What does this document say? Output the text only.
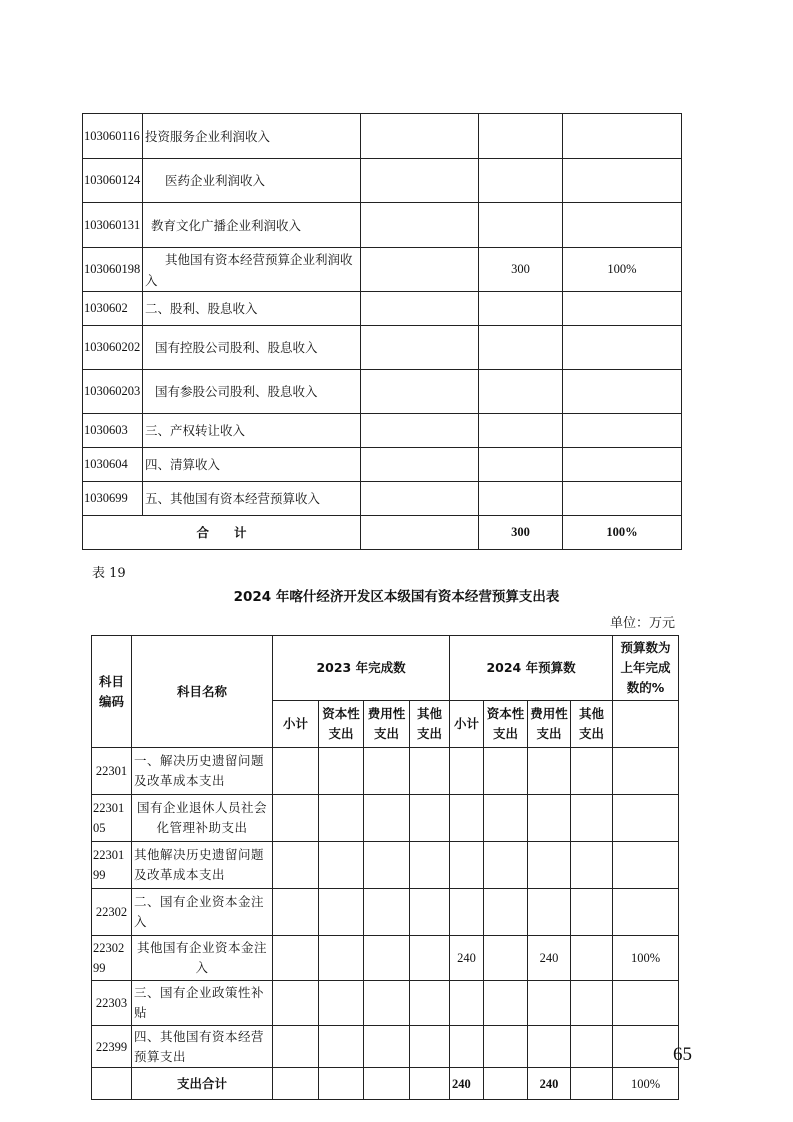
103060116	投资服务企业利润收入			
103060124	医药企业利润收入			
103060131	教育文化广播企业利润收入			
103060198	其他国有资本经营预算企业利润收入		300	100%
1030602	二、股利、股息收入			
103060202	国有控股公司股利、股息收入			
103060203	国有参股公司股利、股息收入			
1030603	三、产权转让收入			
1030604	四、清算收入			
1030699	五、其他国有资本经营预算收入			
合　　计			300	100%
表 19
2024 年喀什经济开发区本级国有资本经营预算支出表
单位：万元
科目编码	科目名称	2023 年完成数				2024 年预算数				预算数为上年完成数的%
		小计	资本性支出	费用性支出	其他支出	小计	资本性支出	费用性支出	其他支出	
22301	一、解决历史遗留问题及改革成本支出									
2230105	国有企业退休人员社会化管理补助支出									
2230199	其他解决历史遗留问题及改革成本支出									
22302	二、国有企业资本金注入									
2230299	其他国有企业资本金注入					240		240		100%
22303	三、国有企业政策性补贴									
22399	四、其他国有资本经营预算支出									
	支出合计					240		240		100%
65
